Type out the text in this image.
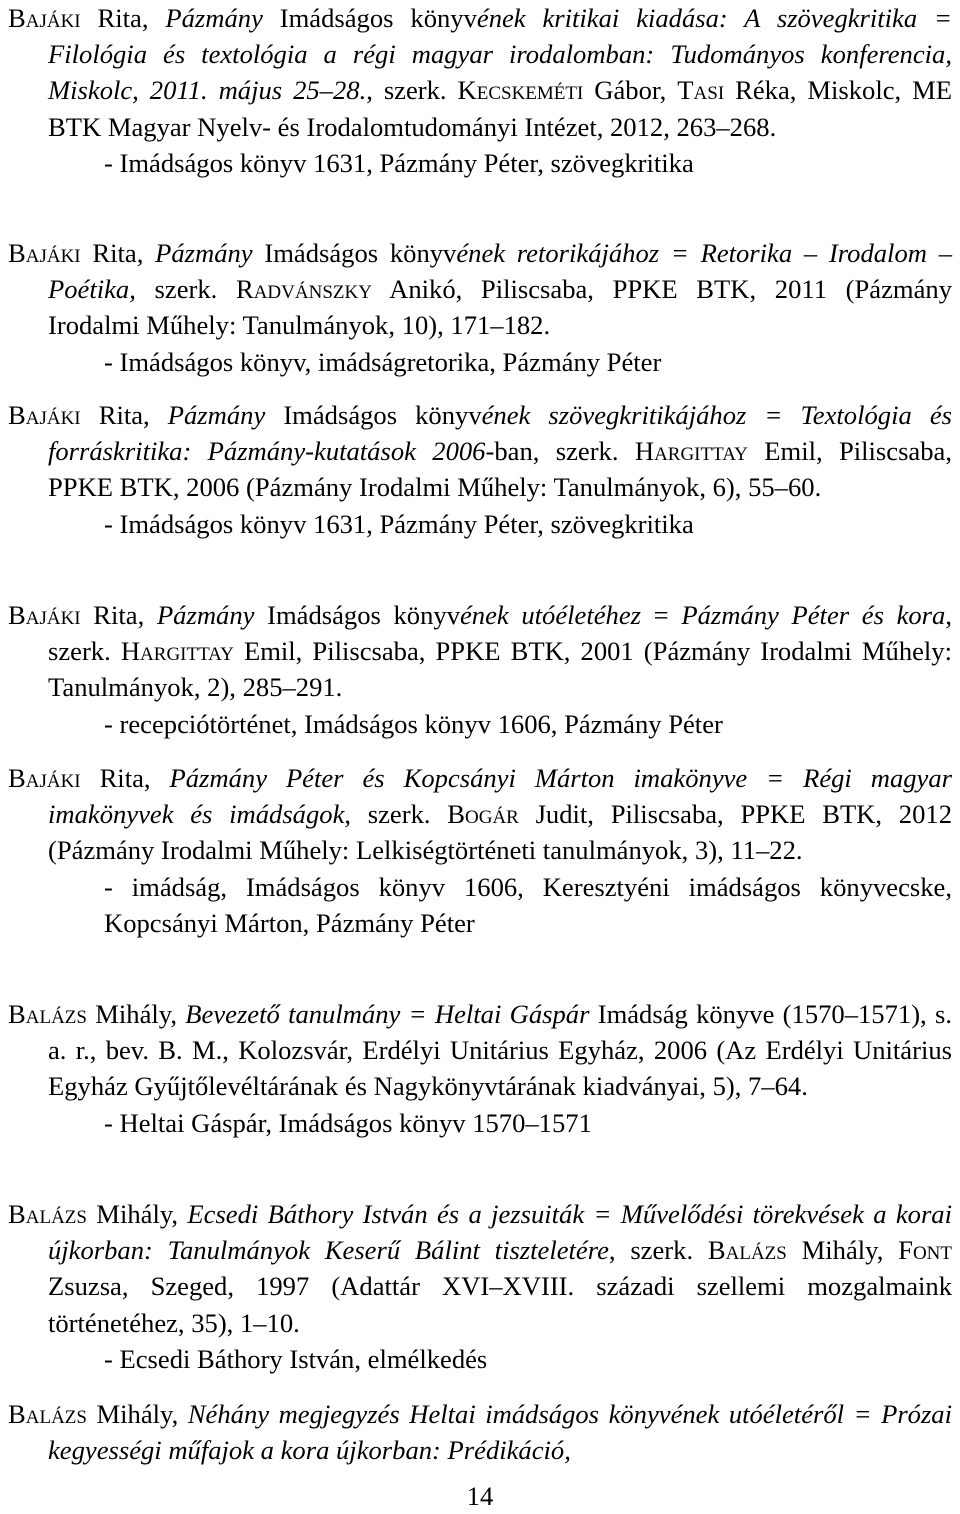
Bajáki Rita, Pázmány Imádságos könyvének kritikai kiadása: A szövegkritika = Filológia és textológia a régi magyar irodalomban: Tudományos konferencia, Miskolc, 2011. május 25–28., szerk. Kecskeméti Gábor, Tasi Réka, Miskolc, ME BTK Magyar Nyelv- és Irodalomtudományi Intézet, 2012, 263–268.

- Imádságos könyv 1631, Pázmány Péter, szövegkritika

Bajáki Rita, Pázmány Imádságos könyvének retorikájához = Retorika – Irodalom – Poétika, szerk. Radvánszky Anikó, Piliscsaba, PPKE BTK, 2011 (Pázmány Irodalmi Műhely: Tanulmányok, 10), 171–182.

- Imádságos könyv, imádságretorika, Pázmány Péter

Bajáki Rita, Pázmány Imádságos könyvének szövegkritikájához = Textológia és forráskritika: Pázmány-kutatások 2006-ban, szerk. Hargittay Emil, Piliscsaba, PPKE BTK, 2006 (Pázmány Irodalmi Műhely: Tanulmányok, 6), 55–60.

- Imádságos könyv 1631, Pázmány Péter, szövegkritika

Bajáki Rita, Pázmány Imádságos könyvének utóéletéhez = Pázmány Péter és kora, szerk. Hargittay Emil, Piliscsaba, PPKE BTK, 2001 (Pázmány Irodalmi Műhely: Tanulmányok, 2), 285–291.

- recepciótörténet, Imádságos könyv 1606, Pázmány Péter

Bajáki Rita, Pázmány Péter és Kopcsányi Márton imakönyve = Régi magyar imakönyvek és imádságok, szerk. Bogár Judit, Piliscsaba, PPKE BTK, 2012 (Pázmány Irodalmi Műhely: Lelkiségtörténeti tanulmányok, 3), 11–22.

- imádság, Imádságos könyv 1606, Keresztyéni imádságos könyvecske, Kopcsányi Márton, Pázmány Péter

Balázs Mihály, Bevezető tanulmány = Heltai Gáspár Imádság könyve (1570–1571), s. a. r., bev. B. M., Kolozsvár, Erdélyi Unitárius Egyház, 2006 (Az Erdélyi Unitárius Egyház Gyűjtőlevéltárának és Nagykönyvtárának kiadványai, 5), 7–64.

- Heltai Gáspár, Imádságos könyv 1570–1571

Balázs Mihály, Ecsedi Báthory István és a jezsuiták = Művelődési törekvések a korai újkorban: Tanulmányok Keserű Bálint tiszteletére, szerk. Balázs Mihály, Font Zsuzsa, Szeged, 1997 (Adattár XVI–XVIII. századi szellemi mozgalmaink történetéhez, 35), 1–10.

- Ecsedi Báthory István, elmélkedés

Balázs Mihály, Néhány megjegyzés Heltai imádságos könyvének utóéletéről = Prózai kegyességi műfajok a kora újkorban: Prédikáció,

14
